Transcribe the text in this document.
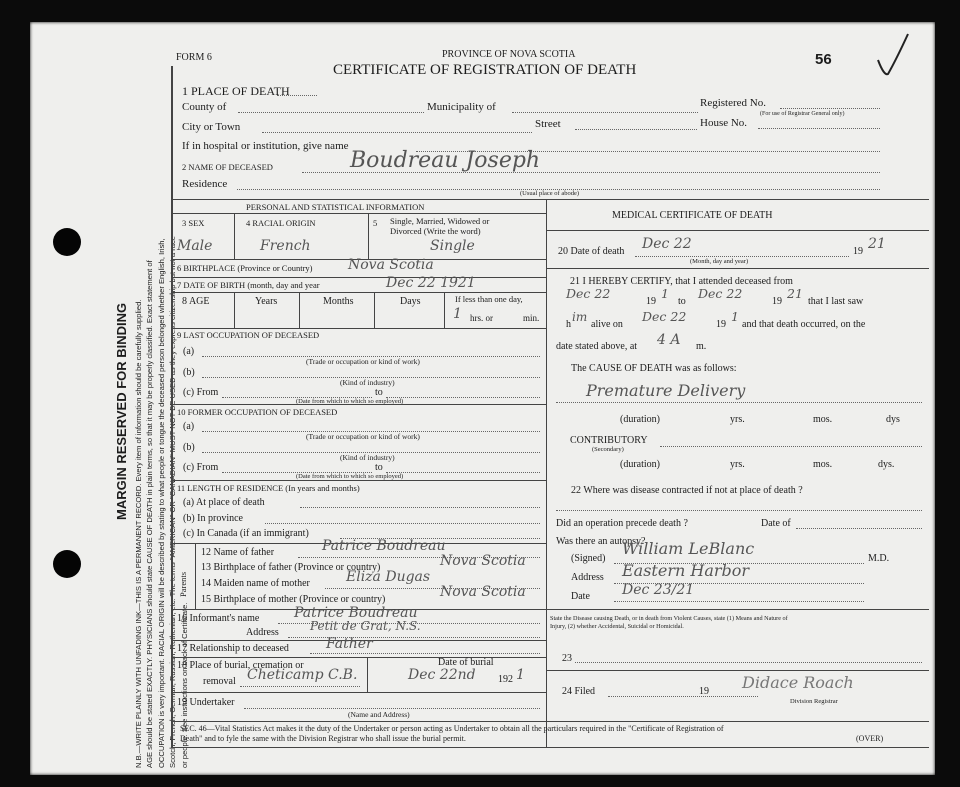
MARGIN RESERVED FOR BINDING N.B.—WRITE PLAINLY WITH UNFADING INK—THIS IS A PERMANENT RECORD. Every item of information should be carefully supplied. AGE should be stated EXACTLY. PHYSICIANS should state CAUSE OF DEATH in plain terms, so that it may be properly classified. Exact statement of OCCUPATION is very important. RACIAL ORIGIN will be described by stating to what people or tongue the deceased person belonged whether English, Irish, Scotch, French, German, Russian, Ruthenian, etc. The terms "AMERICAN" OR "CANADIAN" MUST NOT BE USED as they express citizenship but not a race or people. See instructions on back of Certificate.
FORM 6	PROVINCE OF NOVA SCOTIA
CERTIFICATE OF REGISTRATION OF DEATH
56
1 PLACE OF DEATH
County of	Municipality of	Registered No.
(For use of Registrar General only)
City or Town	Street	House No.
If in hospital or institution, give name
2 NAME OF DECEASED	Boudreau Joseph
Residence
(Usual place of abode)
PERSONAL AND STATISTICAL INFORMATION
3 SEX	4 RACIAL ORIGIN	5 Single, Married, Widowed or
Divorced (Write the word)
Male	French	Single
6 BIRTHPLACE (Province or Country)	Nova Scotia
7 DATE OF BIRTH (month, day and year	Dec 22 1921
8 AGE	Years	Months	Days	If less than one day,
1 hrs. or	min.
9 LAST OCCUPATION OF DECEASED
(a)
(Trade or occupation or kind of work)
(b)
(Kind of industry)
(c) From	to
(Date from which to which so employed)
10 FORMER OCCUPATION OF DECEASED
(a)
(Trade or occupation or kind of work)
(b)
(Kind of industry)
(c) From	to
(Date from which to which so employed)
11 LENGTH OF RESIDENCE (In years and months)
(a) At place of death
(b) In province
(c) In Canada (if an immigrant)
Parents
12 Name of father	Patrice Boudreau
13 Birthplace of father (Province or country)	Nova Scotia
14 Maiden name of mother	Eliza Dugas
15 Birthplace of mother (Province or country)	Nova Scotia
16 Informant's name Patrice Boudreau
Address	Petit de Grat, N.S.
17 Relationship to deceased	Father
18 Place of burial, cremation or
removal Cheticamp C.B.
Date of burial
Dec 22nd 192 1
19 Undertaker
(Name and Address)
MEDICAL CERTIFICATE OF DEATH
20 Date of death Dec 22	19 21
(Month, day and year)
21 I HEREBY CERTIFY, that I attended deceased from
Dec 22
19
1
to
Dec 22
19
21
that I last saw
h
im
alive on
Dec 22
19
1
and that death occurred, on the
date stated above, at 4 A m.
The CAUSE OF DEATH was as follows:
Premature Delivery
(duration)	yrs.	mos.	dys
CONTRIBUTORY
(Secondary)
(duration)	yrs.	mos.	dys.
22 Where was disease contracted if not at place of death ?
Did an operation precede death ?	Date of
Was there an autopsy?
(Signed)
William LeBlanc
M.D.
Address Eastern Harbor
Date Dec 23/21
State the Disease causing Death, or in death from Violent Causes, state (1) Means and Nature of
Injury, (2) whether Accidental, Suicidal or Homicidal.
23
24 Filed	19 Didace Roach
Division Registrar
SEC. 46—Vital Statistics Act makes it the duty of the Undertaker or person acting as Undertaker to obtain all the particulars required in the "Certificate of Registration of
Death" and to fyle the same with the Division Registrar who shall issue the burial permit.	(OVER)
